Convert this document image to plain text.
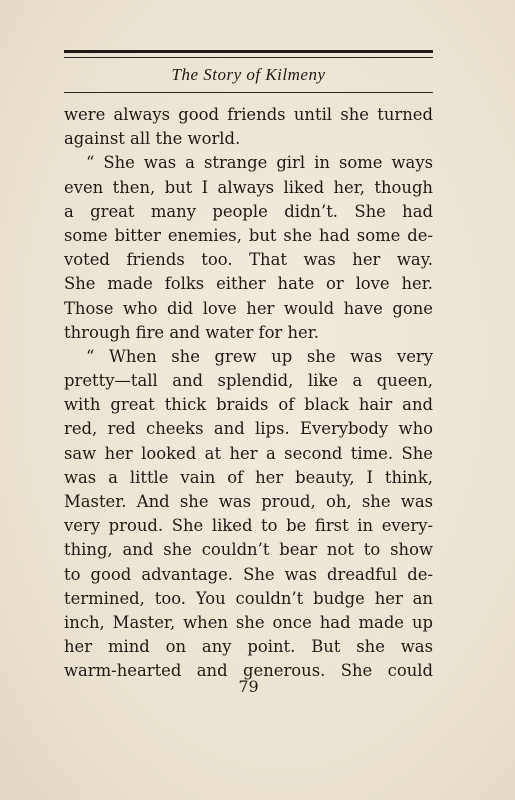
The Story of Kilmeny
were always good friends until she turned
against all the world.
“ She was a strange girl in some ways
even then, but I always liked her, though
a great many people didn’t. She had
some bitter enemies, but she had some de-
voted friends too. That was her way.
She made folks either hate or love her.
Those who did love her would have gone
through fire and water for her.
“ When she grew up she was very
pretty—tall and splendid, like a queen,
with great thick braids of black hair and
red, red cheeks and lips. Everybody who
saw her looked at her a second time. She
was a little vain of her beauty, I think,
Master. And she was proud, oh, she was
very proud. She liked to be first in every-
thing, and she couldn’t bear not to show
to good advantage. She was dreadful de-
termined, too. You couldn’t budge her an
inch, Master, when she once had made up
her mind on any point. But she was
warm-hearted and generous. She could
79
